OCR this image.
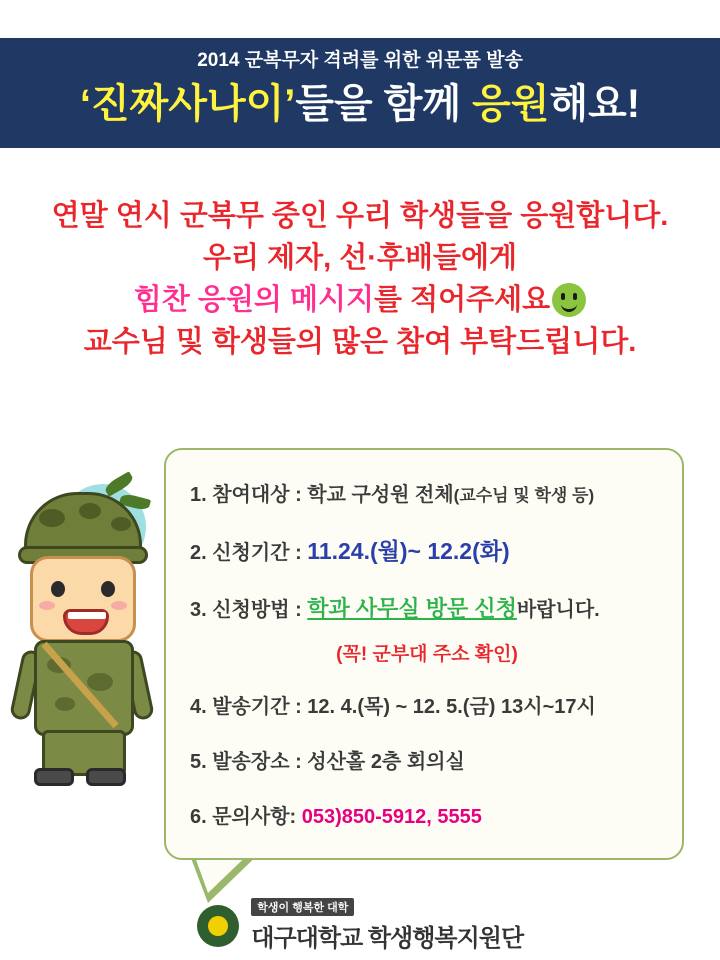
2014 군복무자 격려를 위한 위문품 발송
‘진짜사나이’들을 함께 응원해요!
연말 연시 군복무 중인 우리 학생들을 응원합니다.
우리 제자, 선·후배들에게
힘찬 응원의 메시지를 적어주세요
교수님 및 학생들의 많은 참여 부탁드립니다.
1. 참여대상 : 학교 구성원 전체(교수님 및 학생 등)
2. 신청기간 : 11.24.(월)~ 12.2(화)
3. 신청방법 : 학과 사무실 방문 신청바랍니다.
(꼭! 군부대 주소 확인)
4. 발송기간 : 12. 4.(목) ~ 12. 5.(금) 13시~17시
5. 발송장소 : 성산홀 2층 회의실
6. 문의사항: 053)850-5912, 5555
학생이 행복한 대학
대구대학교 학생행복지원단
